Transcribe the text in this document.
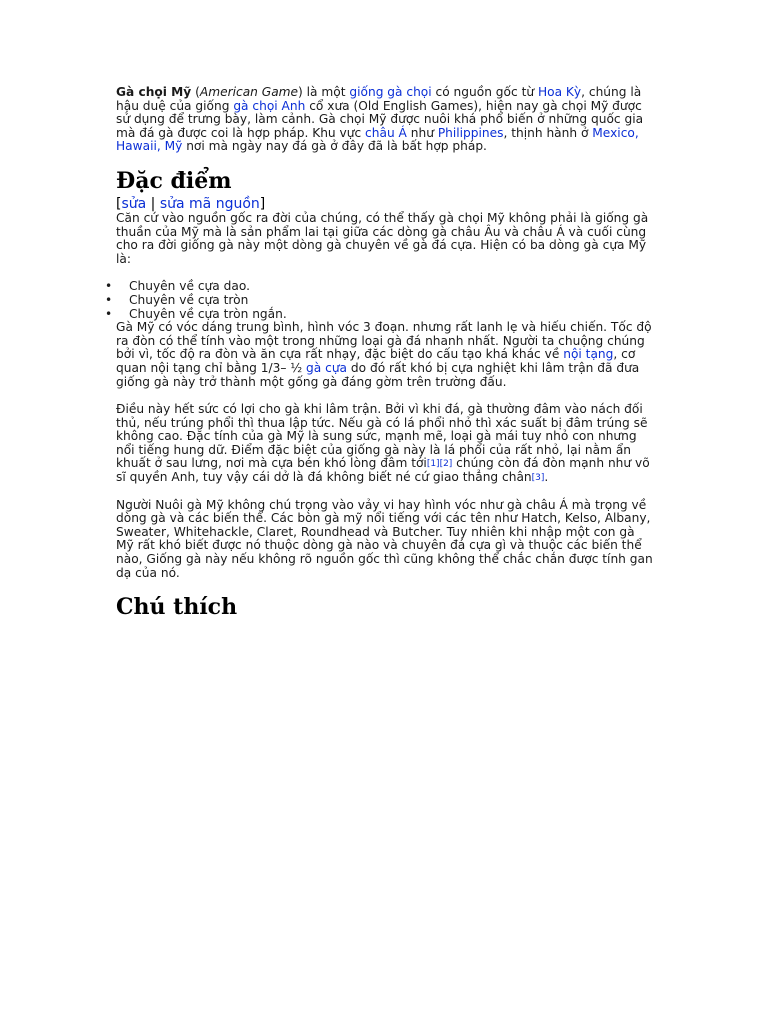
Gà chọi Mỹ (American Game) là một giống gà chọi có nguồn gốc từ Hoa Kỳ, chúng là hậu duệ của giống gà chọi Anh cổ xưa (Old English Games), hiện nay gà chọi Mỹ được sử dụng để trưng bày, làm cảnh. Gà chọi Mỹ được nuôi khá phổ biến ở những quốc gia mà đá gà được coi là hợp pháp. Khu vực châu Á như Philippines, thịnh hành ở Mexico, Hawaii, Mỹ nơi mà ngày nay đá gà ở đây đã là bất hợp pháp.

Đặc điểm

[sửa | sửa mã nguồn]

Căn cứ vào nguồn gốc ra đời của chúng, có thể thấy gà chọi Mỹ không phải là giống gà thuần của Mỹ mà là sản phẩm lai tại giữa các dòng gà châu Âu và châu Á và cuối cùng cho ra đời giống gà này một dòng gà chuyên về gà đá cựa. Hiện có ba dòng gà cựa Mỹ là:

• Chuyên về cựa dao.
• Chuyên về cựa tròn
• Chuyên về cựa tròn ngắn.

Gà Mỹ có vóc dáng trung bình, hình vóc 3 đoạn. nhưng rất lanh lẹ và hiếu chiến. Tốc độ ra đòn có thể tính vào một trong những loại gà đá nhanh nhất. Người ta chuộng chúng bởi vì, tốc độ ra đòn và ăn cựa rất nhạy, đặc biệt do cấu tạo khá khác về nội tạng, cơ quan nội tạng chỉ bằng 1/3– ½ gà cựa do đó rất khó bị cựa nghiệt khi lâm trận đã đưa giống gà này trở thành một gống gà đáng gờm trên trường đấu.

Điều này hết sức có lợi cho gà khi lâm trận. Bởi vì khi đá, gà thường đâm vào nách đối thủ, nếu trúng phổi thì thua lập tức. Nếu gà có lá phổi nhỏ thì xác suất bị đâm trúng sẽ không cao. Đặc tính của gà Mỹ là sung sức, mạnh mẽ, loại gà mái tuy nhỏ con nhưng nổi tiếng hung dữ. Điểm đặc biệt của giống gà này là lá phổi của rất nhỏ, lại nằm ẩn khuất ở sau lưng, nơi mà cựa bén khó lòng đâm tới[1][2] chúng còn đá đòn mạnh như võ sĩ quyền Anh, tuy vậy cái dở là đá không biết né cứ giao thẳng chân[3].

Người Nuôi gà Mỹ không chú trọng vào vảy vi hay hình vóc như gà châu Á mà trọng về dòng gà và các biến thể. Các bòn gà mỹ nổi tiếng với các tên như Hatch, Kelso, Albany, Sweater, Whitehackle, Claret, Roundhead và Butcher. Tuy nhiên khi nhập một con gà Mỹ rất khó biết được nó thuộc dòng gà nào và chuyên đá cựa gì và thuộc các biến thể nào, Giống gà này nếu không rõ nguồn gốc thì cũng không thể chắc chắn được tính gan dạ của nó.

Chú thích
